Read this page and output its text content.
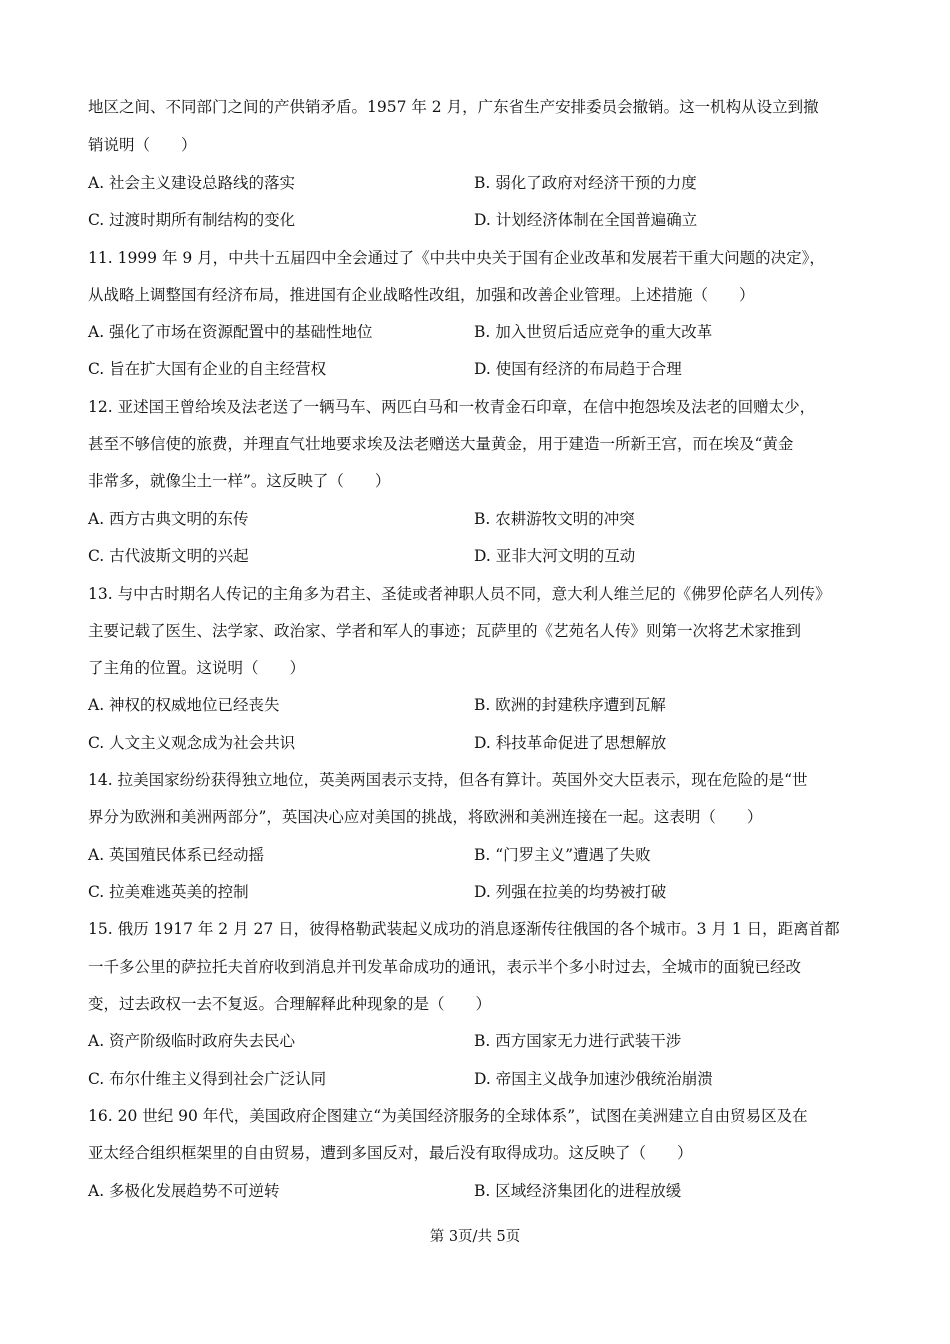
地区之间、不同部门之间的产供销矛盾。1957 年 2 月，广东省生产安排委员会撤销。这一机构从设立到撤
销说明（　　）
A. 社会主义建设总路线的落实	B. 弱化了政府对经济干预的力度
C. 过渡时期所有制结构的变化	D. 计划经济体制在全国普遍确立
11. 1999 年 9 月，中共十五届四中全会通过了《中共中央关于国有企业改革和发展若干重大问题的决定》，
从战略上调整国有经济布局，推进国有企业战略性改组，加强和改善企业管理。上述措施（　　）
A. 强化了市场在资源配置中的基础性地位	B. 加入世贸后适应竞争的重大改革
C. 旨在扩大国有企业的自主经营权	D. 使国有经济的布局趋于合理
12. 亚述国王曾给埃及法老送了一辆马车、两匹白马和一枚青金石印章，在信中抱怨埃及法老的回赠太少，
甚至不够信使的旅费，并理直气壮地要求埃及法老赠送大量黄金，用于建造一所新王宫，而在埃及“黄金
非常多，就像尘土一样”。这反映了（　　）
A. 西方古典文明的东传	B. 农耕游牧文明的冲突
C. 古代波斯文明的兴起	D. 亚非大河文明的互动
13. 与中古时期名人传记的主角多为君主、圣徒或者神职人员不同，意大利人维兰尼的《佛罗伦萨名人列传》
主要记载了医生、法学家、政治家、学者和军人的事迹；瓦萨里的《艺苑名人传》则第一次将艺术家推到
了主角的位置。这说明（　　）
A. 神权的权威地位已经丧失	B. 欧洲的封建秩序遭到瓦解
C. 人文主义观念成为社会共识	D. 科技革命促进了思想解放
14. 拉美国家纷纷获得独立地位，英美两国表示支持，但各有算计。英国外交大臣表示，现在危险的是“世
界分为欧洲和美洲两部分”，英国决心应对美国的挑战，将欧洲和美洲连接在一起。这表明（　　）
A. 英国殖民体系已经动摇	B. “门罗主义”遭遇了失败
C. 拉美难逃英美的控制	D. 列强在拉美的均势被打破
15. 俄历 1917 年 2 月 27 日，彼得格勒武装起义成功的消息逐渐传往俄国的各个城市。3 月 1 日，距离首都
一千多公里的萨拉托夫首府收到消息并刊发革命成功的通讯，表示半个多小时过去，全城市的面貌已经改
变，过去政权一去不复返。合理解释此种现象的是（　　）
A. 资产阶级临时政府失去民心	B. 西方国家无力进行武装干涉
C. 布尔什维主义得到社会广泛认同	D. 帝国主义战争加速沙俄统治崩溃
16. 20 世纪 90 年代，美国政府企图建立“为美国经济服务的全球体系”，试图在美洲建立自由贸易区及在
亚太经合组织框架里的自由贸易，遭到多国反对，最后没有取得成功。这反映了（　　）
A. 多极化发展趋势不可逆转	B. 区域经济集团化的进程放缓
第 3页/共 5页
